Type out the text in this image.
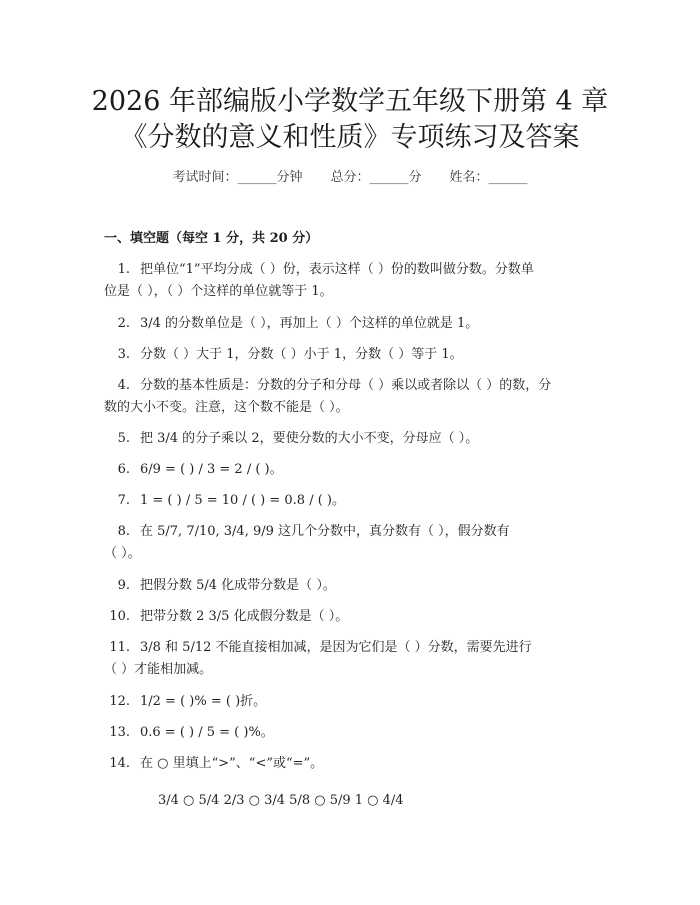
2026 年部编版小学数学五年级下册第 4 章
《分数的意义和性质》专项练习及答案
考试时间：______分钟 总分：______分 姓名：______
一、填空题（每空 1 分，共 20 分）
1. 把单位“1”平均分成（ ）份，表示这样（ ）份的数叫做分数。分数单
位是（ ），（ ）个这样的单位就等于 1。
2. 3/4 的分数单位是（ ），再加上（ ）个这样的单位就是 1。
3. 分数（ ）大于 1，分数（ ）小于 1，分数（ ）等于 1。
4. 分数的基本性质是：分数的分子和分母（ ）乘以或者除以（ ）的数，分
数的大小不变。注意，这个数不能是（ ）。
5. 把 3/4 的分子乘以 2，要使分数的大小不变，分母应（ ）。
6. 6/9 = ( ) / 3 = 2 / ( )。
7. 1 = ( ) / 5 = 10 / ( ) = 0.8 / ( )。
8. 在 5/7, 7/10, 3/4, 9/9 这几个分数中，真分数有（ ），假分数有
（ ）。
9. 把假分数 5/4 化成带分数是（ ）。
10. 把带分数 2 3/5 化成假分数是（ ）。
11. 3/8 和 5/12 不能直接相加减，是因为它们是（ ）分数，需要先进行
（ ）才能相加减。
12. 1/2 = ( )% = ( )折。
13. 0.6 = ( ) / 5 = ( )%。
14. 在 ○ 里填上“>”、“<”或“=”。
3/4 ○ 5/4 2/3 ○ 3/4 5/8 ○ 5/9 1 ○ 4/4
